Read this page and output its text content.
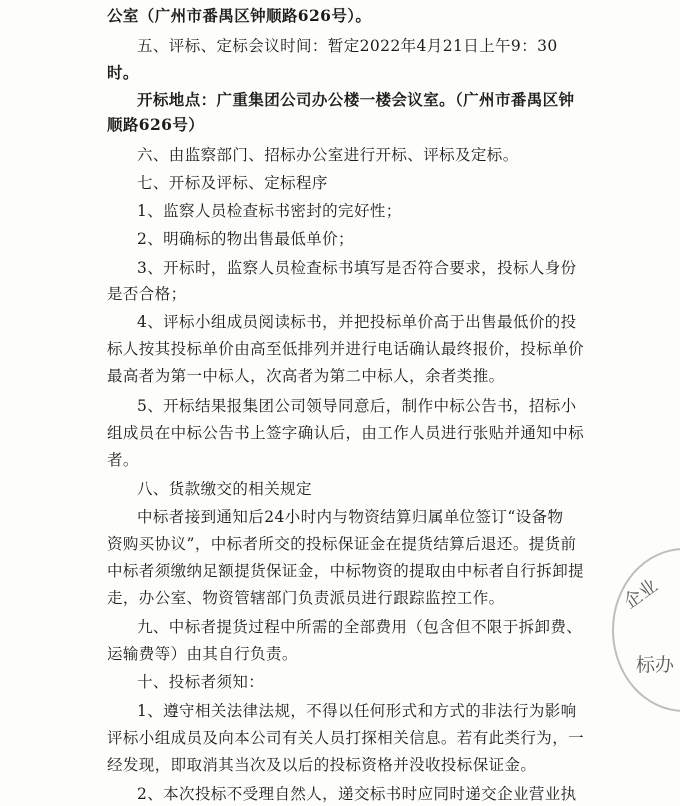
公室（广州市番禺区钟顺路626号）。
五、评标、定标会议时间：暂定2022年4月21日上午9：30
时。
开标地点：广重集团公司办公楼一楼会议室。（广州市番禺区钟
顺路626号）
六、由监察部门、招标办公室进行开标、评标及定标。
七、开标及评标、定标程序
1、监察人员检查标书密封的完好性；
2、明确标的物出售最低单价；
3、开标时，监察人员检查标书填写是否符合要求，投标人身份
是否合格；
4、评标小组成员阅读标书，并把投标单价高于出售最低价的投
标人按其投标单价由高至低排列并进行电话确认最终报价，投标单价
最高者为第一中标人，次高者为第二中标人，余者类推。
5、开标结果报集团公司领导同意后，制作中标公告书，招标小
组成员在中标公告书上签字确认后，由工作人员进行张贴并通知中标
者。
八、货款缴交的相关规定
中标者接到通知后24小时内与物资结算归属单位签订“设备物
资购买协议”，中标者所交的投标保证金在提货结算后退还。提货前
中标者须缴纳足额提货保证金，中标物资的提取由中标者自行拆卸提
走，办公室、物资管辖部门负责派员进行跟踪监控工作。
九、中标者提货过程中所需的全部费用（包含但不限于拆卸费、
运输费等）由其自行负责。
十、投标者须知：
1、遵守相关法律法规，不得以任何形式和方式的非法行为影响
评标小组成员及向本公司有关人员打探相关信息。若有此类行为，一
经发现，即取消其当次及以后的投标资格并没收投标保证金。
2、本次投标不受理自然人，递交标书时应同时递交企业营业执
企业
标办
